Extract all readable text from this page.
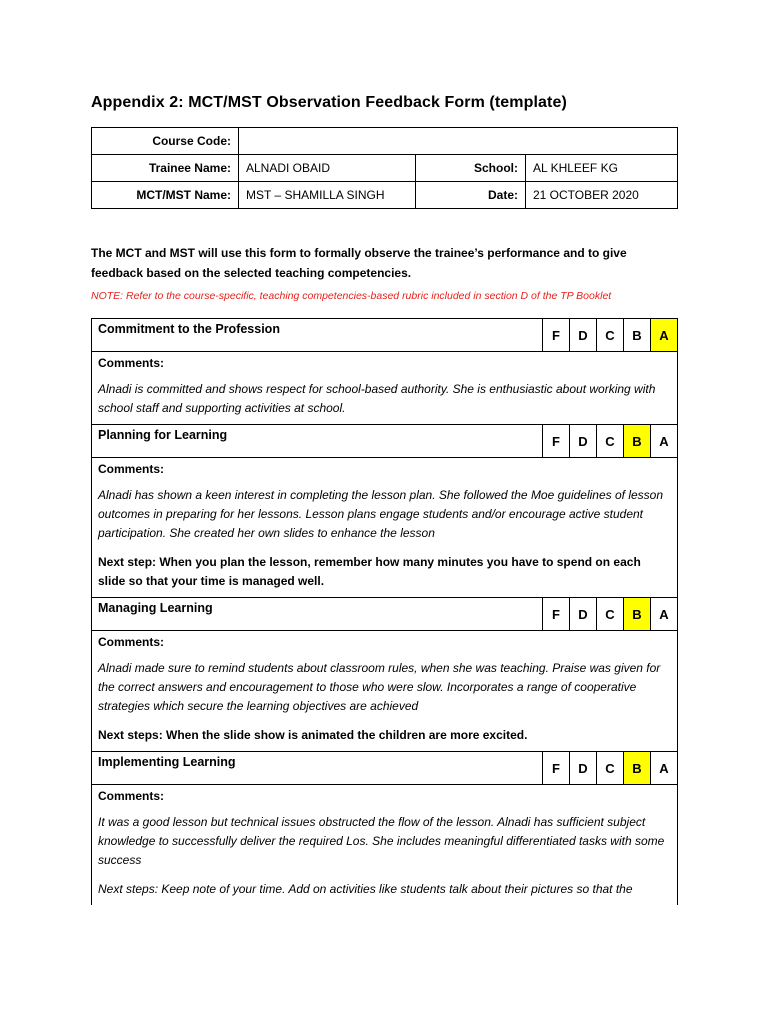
Appendix 2: MCT/MST Observation Feedback Form (template)
Course Code:			
Trainee Name:	ALNADI OBAID	School:	AL KHLEEF KG
MCT/MST Name:	MST – SHAMILLA SINGH	Date:	21 OCTOBER 2020
The MCT and MST will use this form to formally observe the trainee’s performance and to give feedback based on the selected teaching competencies.
NOTE: Refer to the course-specific, teaching competencies-based rubric included in section D of the TP Booklet
Commitment to the Profession	F	D	C	B	A

Comments:
Alnadi is committed and shows respect for school-based authority. She is enthusiastic about working with school staff and supporting activities at school.					

Planning for Learning	F	D	C	B	A

Comments:
Alnadi has shown a keen interest in completing the lesson plan. She followed the Moe guidelines of lesson outcomes in preparing for her lessons. Lesson plans engage students and/or encourage active student participation. She created her own slides to enhance the lesson
Next step: When you plan the lesson, remember how many minutes you have to spend on each slide so that your time is managed well.					

Managing Learning	F	D	C	B	A

Comments:
Alnadi made sure to remind students about classroom rules, when she was teaching. Praise was given for the correct answers and encouragement to those who were slow. Incorporates a range of cooperative strategies which secure the learning objectives are achieved
Next steps: When the slide show is animated the children are more excited.					

Implementing Learning	F	D	C	B	A

Comments:
It was a good lesson but technical issues obstructed the flow of the lesson. Alnadi has sufficient subject knowledge to successfully deliver the required Los. She includes meaningful differentiated tasks with some success
Next steps: Keep note of your time. Add on activities like students talk about their pictures so that the					
